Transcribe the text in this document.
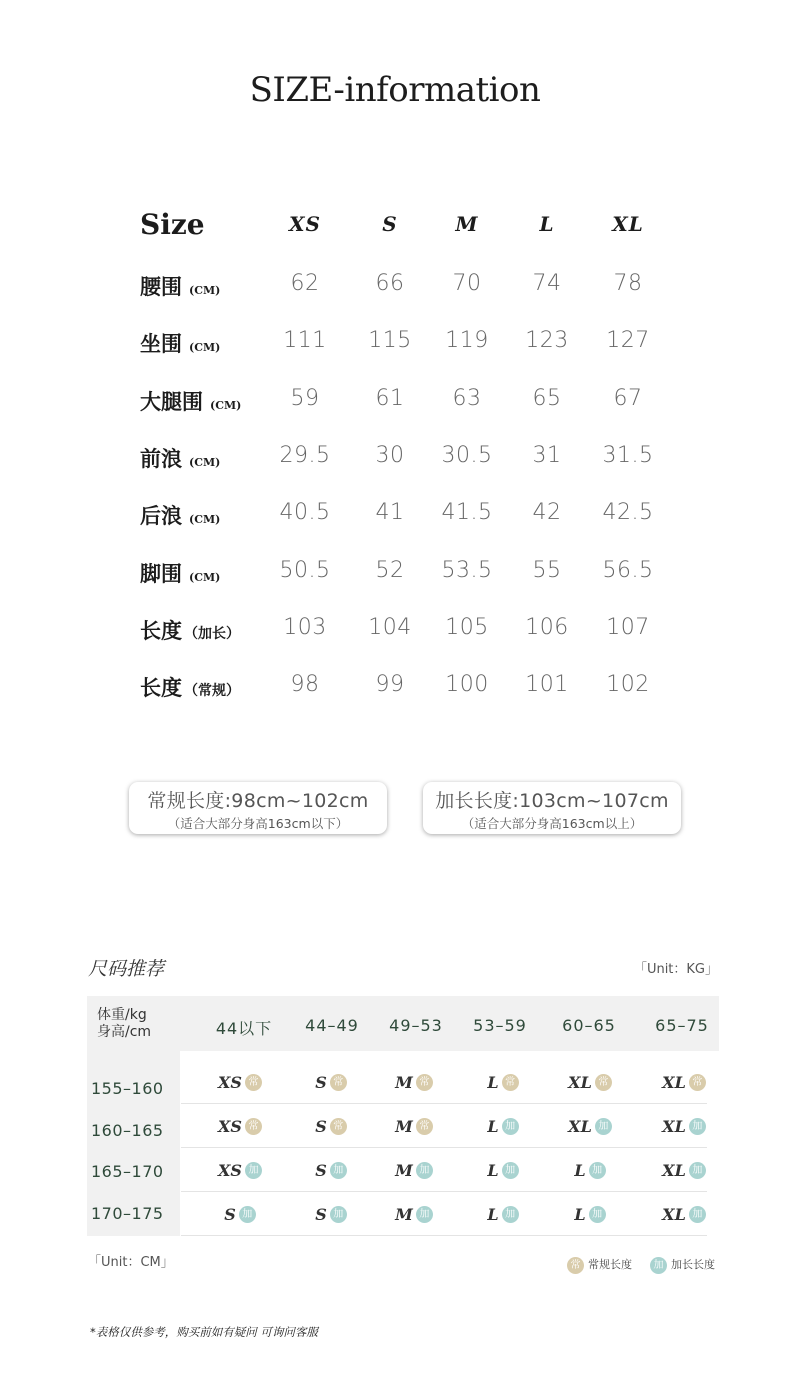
SIZE-information
Size	XS	S	M	L	XL
腰围 (CM)	62	66	70	74	78
坐围 (CM)	111	115	119	123	127
大腿围 (CM)	59	61	63	65	67
前浪 (CM)	29.5	30	30.5	31	31.5
后浪 (CM)	40.5	41	41.5	42	42.5
脚围 (CM)	50.5	52	53.5	55	56.5
长度 （加长）	103	104	105	106	107
长度 （常规）	98	99	100	101	102
常规长度:98cm~102cm
（适合大部分身高163cm以下）
加长长度:103cm~107cm
（适合大部分身高163cm以上）
尺码推荐	「Unit：KG」
体重/kg
身高/cm	44以下	44–49	49–53	53–59	60–65	65–75
155–160	XS 常	S 常	M 常	L 常	XL 常	XL 常
160–165	XS 常	S 常	M 常	L 加	XL 加	XL 加
165–170	XS 加	S 加	M 加	L 加	L 加	XL 加
170–175	S 加	S 加	M 加	L 加	L 加	XL 加
「Unit：CM」	常 常规长度	加 加长长度
*表格仅供参考，购买前如有疑问 可询问客服
